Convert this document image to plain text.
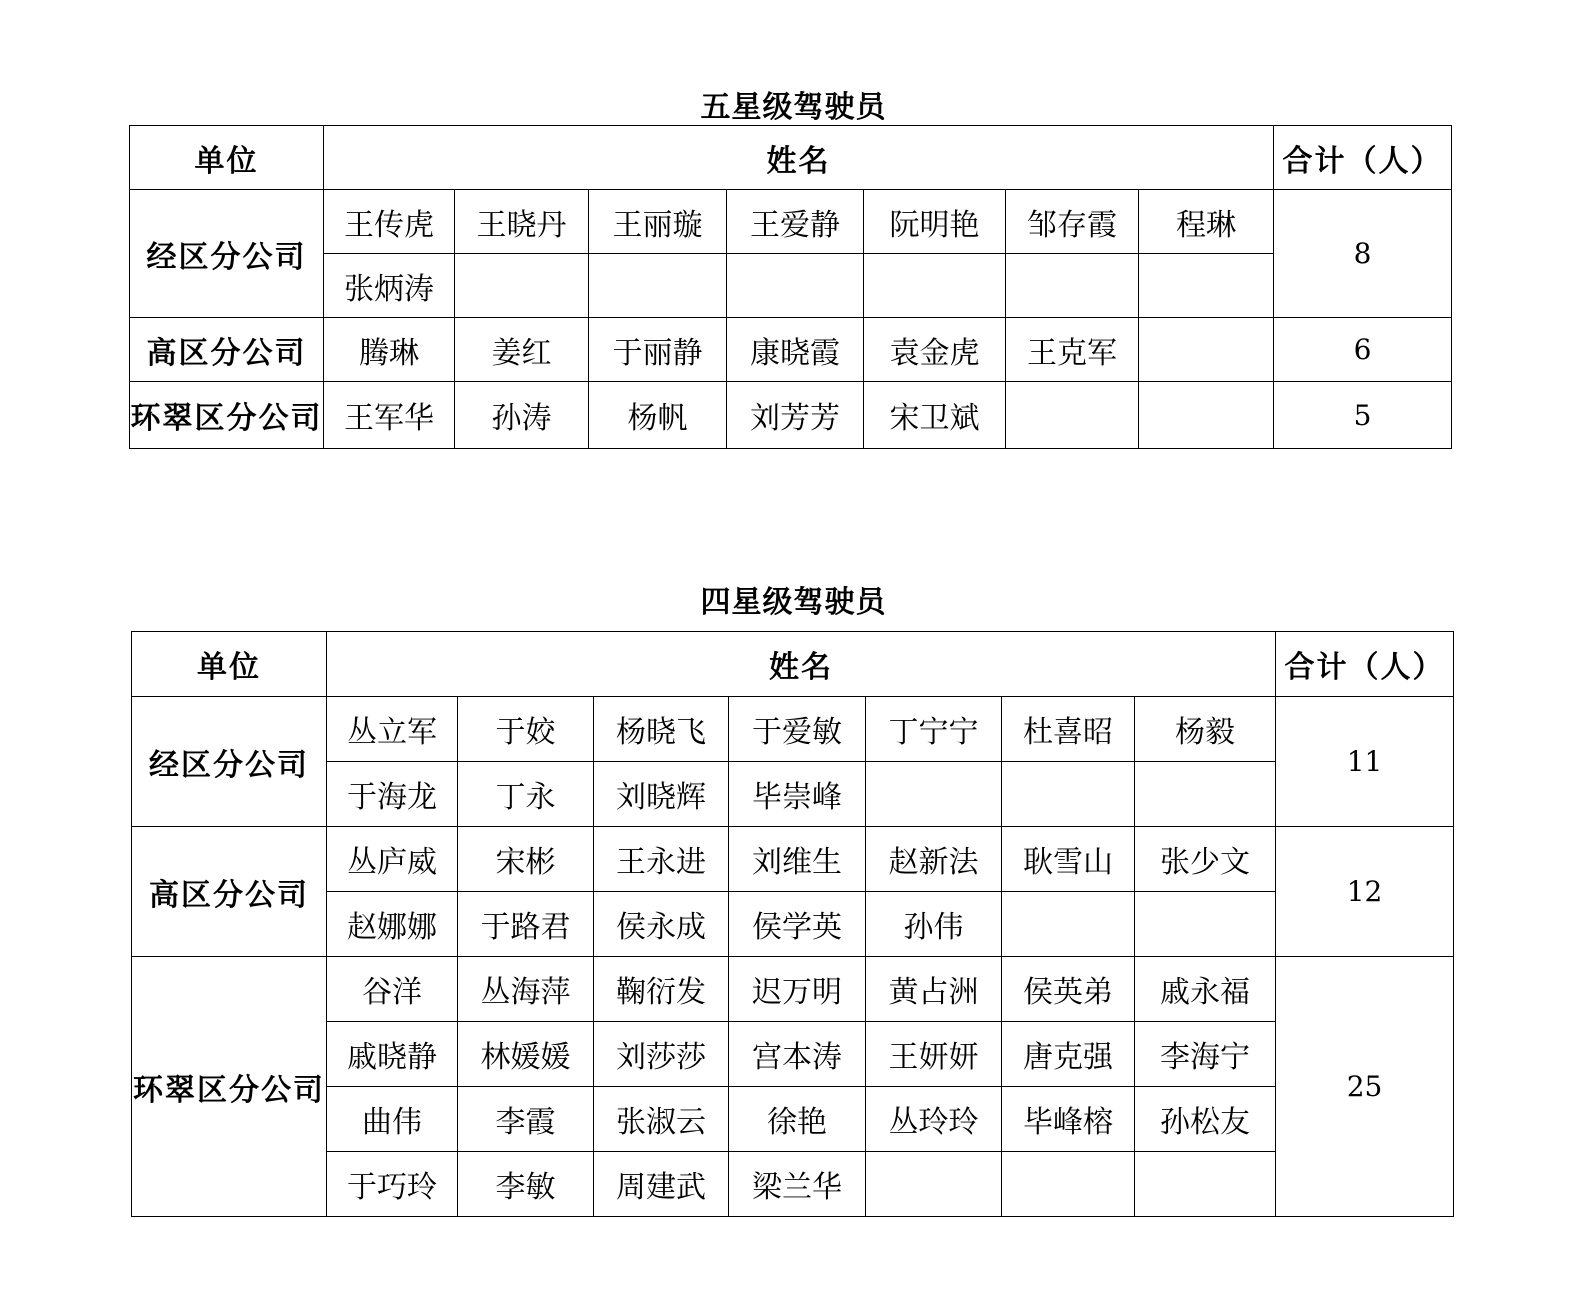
五星级驾驶员
单位	姓名							合计（人）
经区分公司	王传虎	王晓丹	王丽璇	王爱静	阮明艳	邹存霞	程琳	8
	张炳涛							
高区分公司	腾琳	姜红	于丽静	康晓霞	袁金虎	王克军		6
环翠区分公司	王军华	孙涛	杨帆	刘芳芳	宋卫斌			5
四星级驾驶员
单位	姓名							合计（人）
经区分公司	丛立军	于姣	杨晓飞	于爱敏	丁宁宁	杜喜昭	杨毅	11
	于海龙	丁永	刘晓辉	毕崇峰				
高区分公司	丛庐威	宋彬	王永进	刘维生	赵新法	耿雪山	张少文	12
	赵娜娜	于路君	侯永成	侯学英	孙伟			
环翠区分公司	谷洋	丛海萍	鞠衍发	迟万明	黄占洲	侯英弟	戚永福	25
	戚晓静	林媛媛	刘莎莎	宫本涛	王妍妍	唐克强	李海宁	
	曲伟	李霞	张淑云	徐艳	丛玲玲	毕峰榕	孙松友	
	于巧玲	李敏	周建武	梁兰华				
